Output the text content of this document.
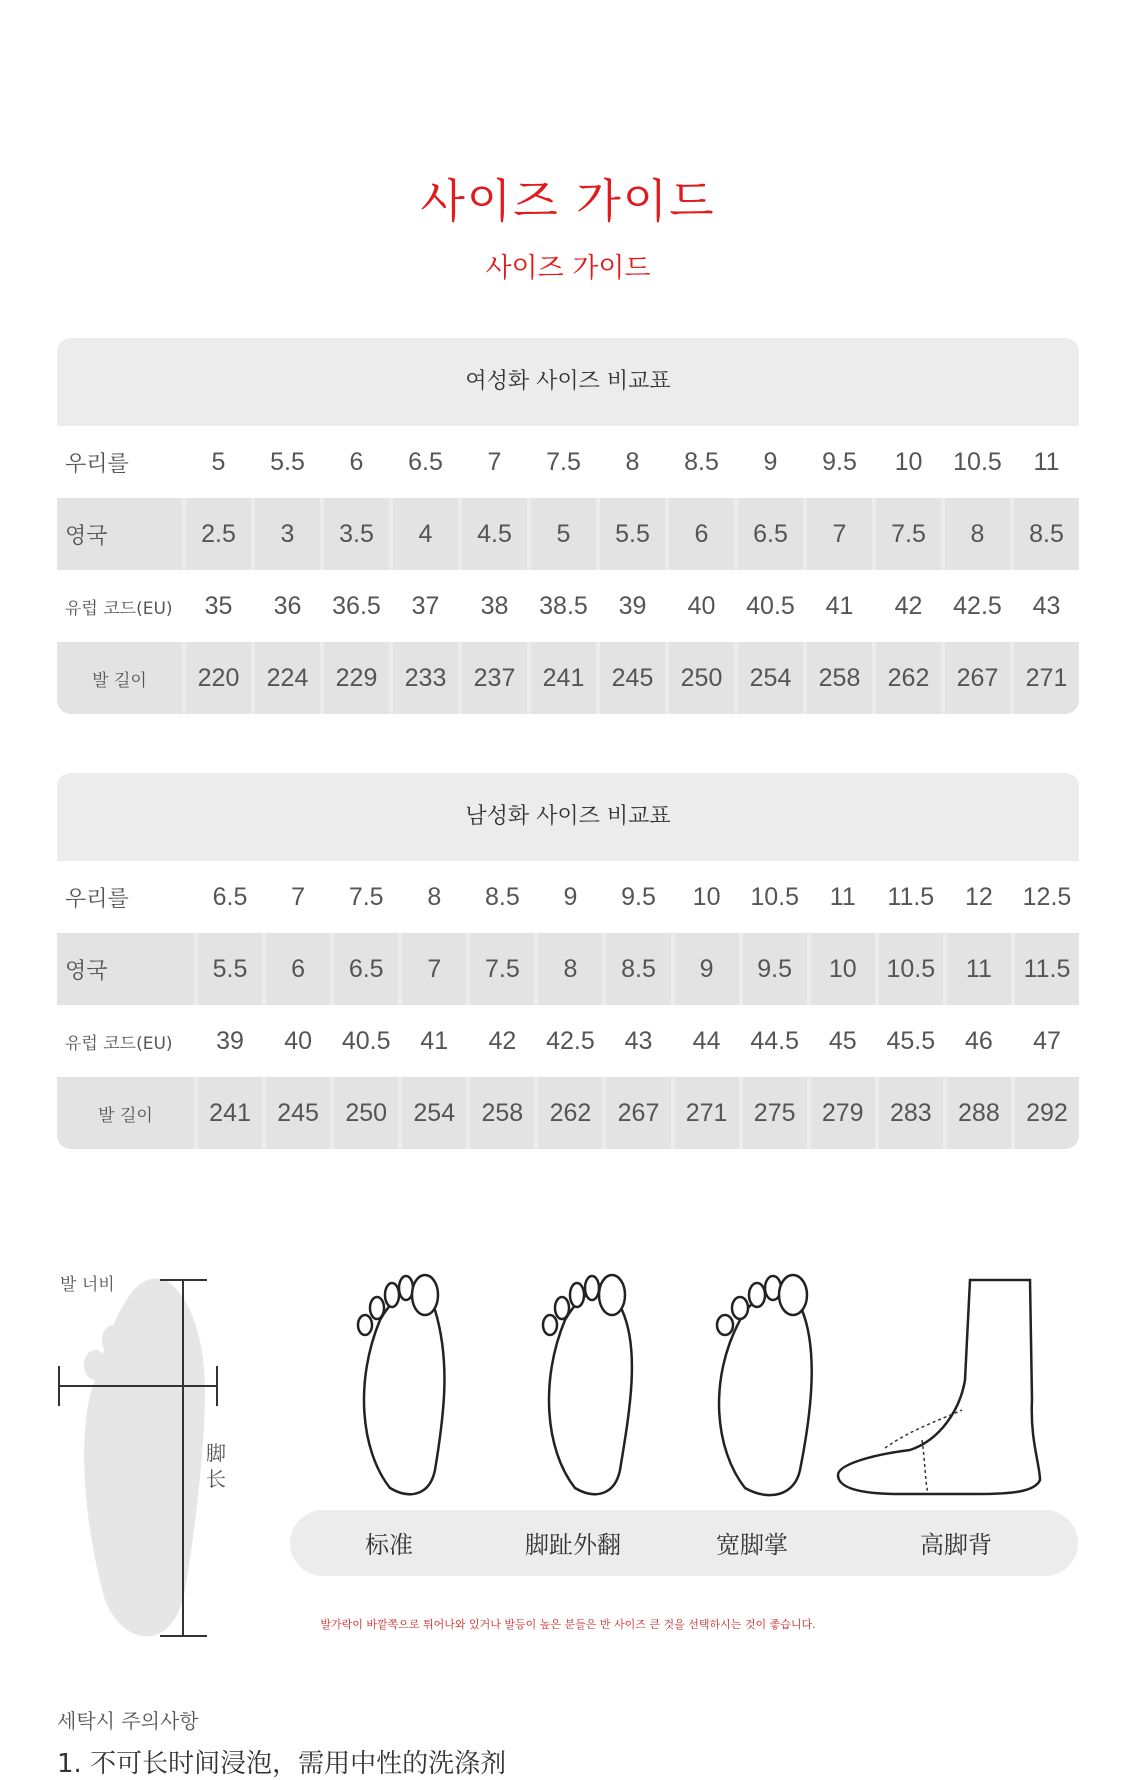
사이즈 가이드
사이즈 가이드
여성화 사이즈 비교표
우리를	5	5.5	6	6.5	7	7.5	8	8.5	9	9.5	10	10.5	11
영국	2.5	3	3.5	4	4.5	5	5.5	6	6.5	7	7.5	8	8.5
유럽 코드(EU)	35	36	36.5	37	38	38.5	39	40	40.5	41	42	42.5	43
발 길이	220	224	229	233	237	241	245	250	254	258	262	267	271
남성화 사이즈 비교표
우리를	6.5	7	7.5	8	8.5	9	9.5	10	10.5	11	11.5	12	12.5
영국	5.5	6	6.5	7	7.5	8	8.5	9	9.5	10	10.5	11	11.5
유럽 코드(EU)	39	40	40.5	41	42	42.5	43	44	44.5	45	45.5	46	47
발 길이	241	245	250	254	258	262	267	271	275	279	283	288	292
발 너비
脚长
标准	脚趾外翻	宽脚掌	高脚背
발가락이 바깥쪽으로 튀어나와 있거나 발등이 높은 분들은 반 사이즈 큰 것을 선택하시는 것이 좋습니다.
세탁시 주의사항
1. 不可长时间浸泡，需用中性的洗涤剂
